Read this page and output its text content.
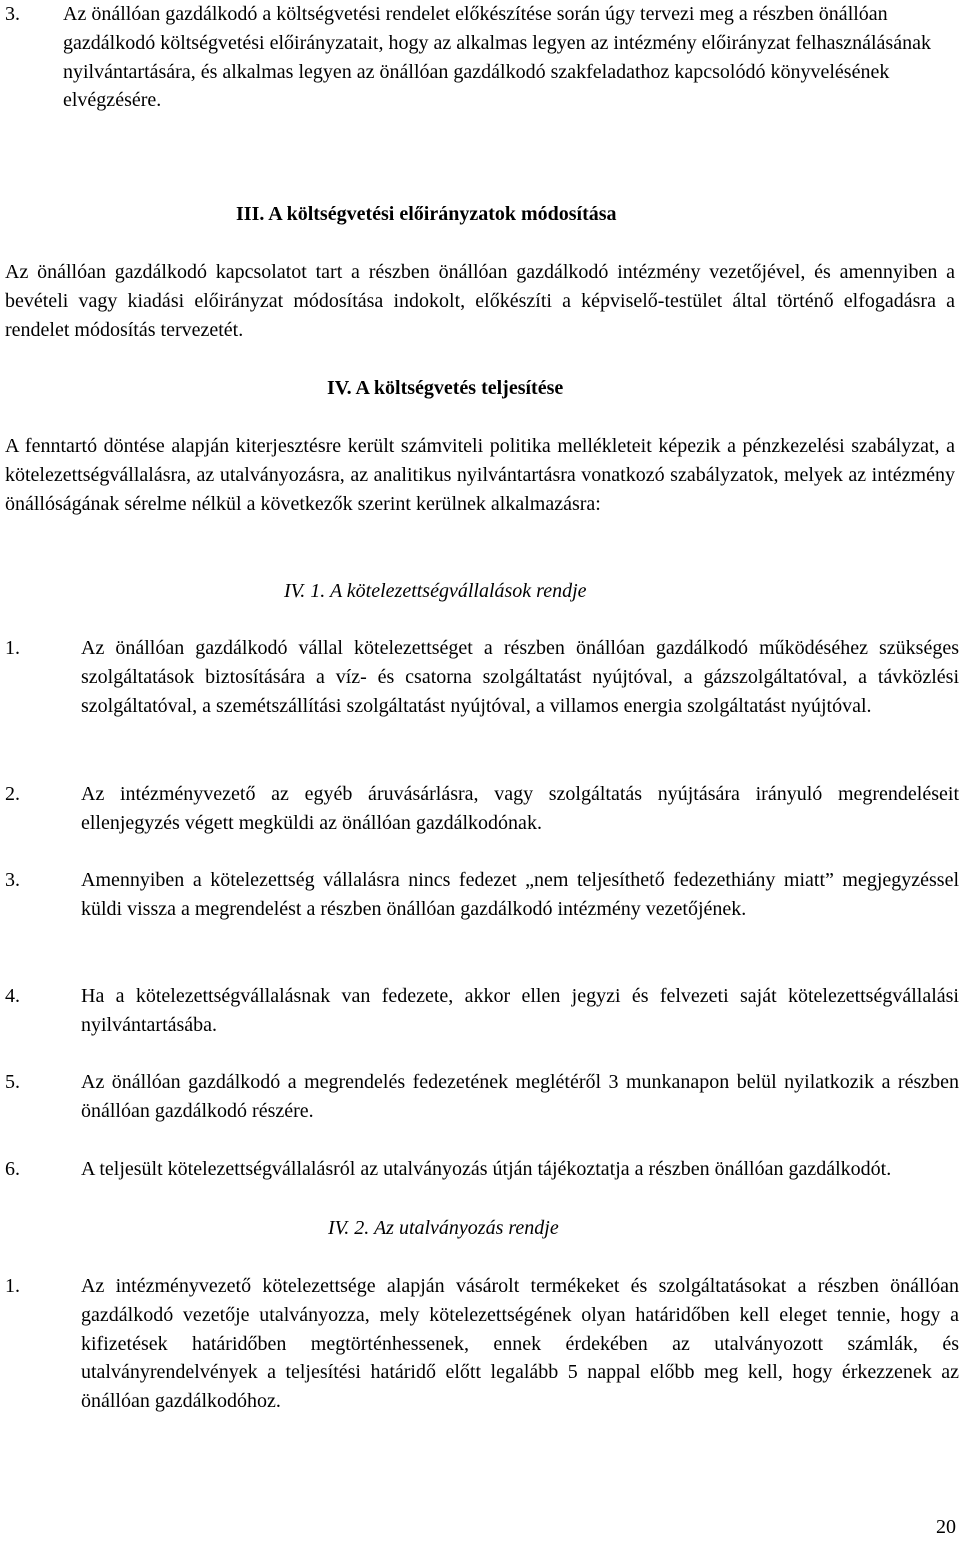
3.	Az önállóan gazdálkodó a költségvetési rendelet előkészítése során úgy tervezi meg a részben önállóan gazdálkodó költségvetési előirányzatait, hogy az alkalmas legyen az intézmény előirányzat felhasználásának nyilvántartására, és alkalmas legyen az önállóan gazdálkodó szakfeladathoz kapcsolódó könyvelésének elvégzésére.

III. A költségvetési előirányzatok módosítása

Az önállóan gazdálkodó kapcsolatot tart a részben önállóan gazdálkodó intézmény vezetőjével, és amennyiben a bevételi vagy kiadási előirányzat módosítása indokolt, előkészíti a képviselő-testület által történő elfogadásra a rendelet módosítás tervezetét.

IV. A költségvetés teljesítése

A fenntartó döntése alapján kiterjesztésre került számviteli politika mellékleteit képezik a pénzkezelési szabályzat, a kötelezettségvállalásra, az utalványozásra, az analitikus nyilvántartásra vonatkozó szabályzatok, melyek az intézmény önállóságának sérelme nélkül a következők szerint kerülnek alkalmazásra:

IV. 1. A kötelezettségvállalások rendje
1.	Az önállóan gazdálkodó vállal kötelezettséget a részben önállóan gazdálkodó működéséhez szükséges szolgáltatások biztosítására a víz- és csatorna szolgáltatást nyújtóval, a gázszolgáltatóval, a távközlési szolgáltatóval, a szemétszállítási szolgáltatást nyújtóval, a villamos energia szolgáltatást nyújtóval.

2.	Az intézményvezető az egyéb áruvásárlásra, vagy szolgáltatás nyújtására irányuló megrendeléseit ellenjegyzés végett megküldi az önállóan gazdálkodónak.

3.	Amennyiben a kötelezettség vállalásra nincs fedezet „nem teljesíthető fedezethiány miatt” megjegyzéssel küldi vissza a megrendelést a részben önállóan gazdálkodó intézmény vezetőjének.

4.	Ha a kötelezettségvállalásnak van fedezete, akkor ellen jegyzi és felvezeti saját kötelezettségvállalási nyilvántartásába.

5.	Az önállóan gazdálkodó a megrendelés fedezetének meglétéről 3 munkanapon belül nyilatkozik a részben önállóan gazdálkodó részére.

6.	A teljesült kötelezettségvállalásról az utalványozás útján tájékoztatja a részben önállóan gazdálkodót.

IV. 2. Az utalványozás rendje
1.	Az intézményvezető kötelezettsége alapján vásárolt termékeket és szolgáltatásokat a részben önállóan gazdálkodó vezetője utalványozza, mely kötelezettségének olyan határidőben kell eleget tennie, hogy a kifizetések határidőben megtörténhessenek, ennek érdekében az utalványozott számlák, és utalványrendelvények a teljesítési határidő előtt legalább 5 nappal előbb meg kell, hogy érkezzenek az önállóan gazdálkodóhoz.

20
